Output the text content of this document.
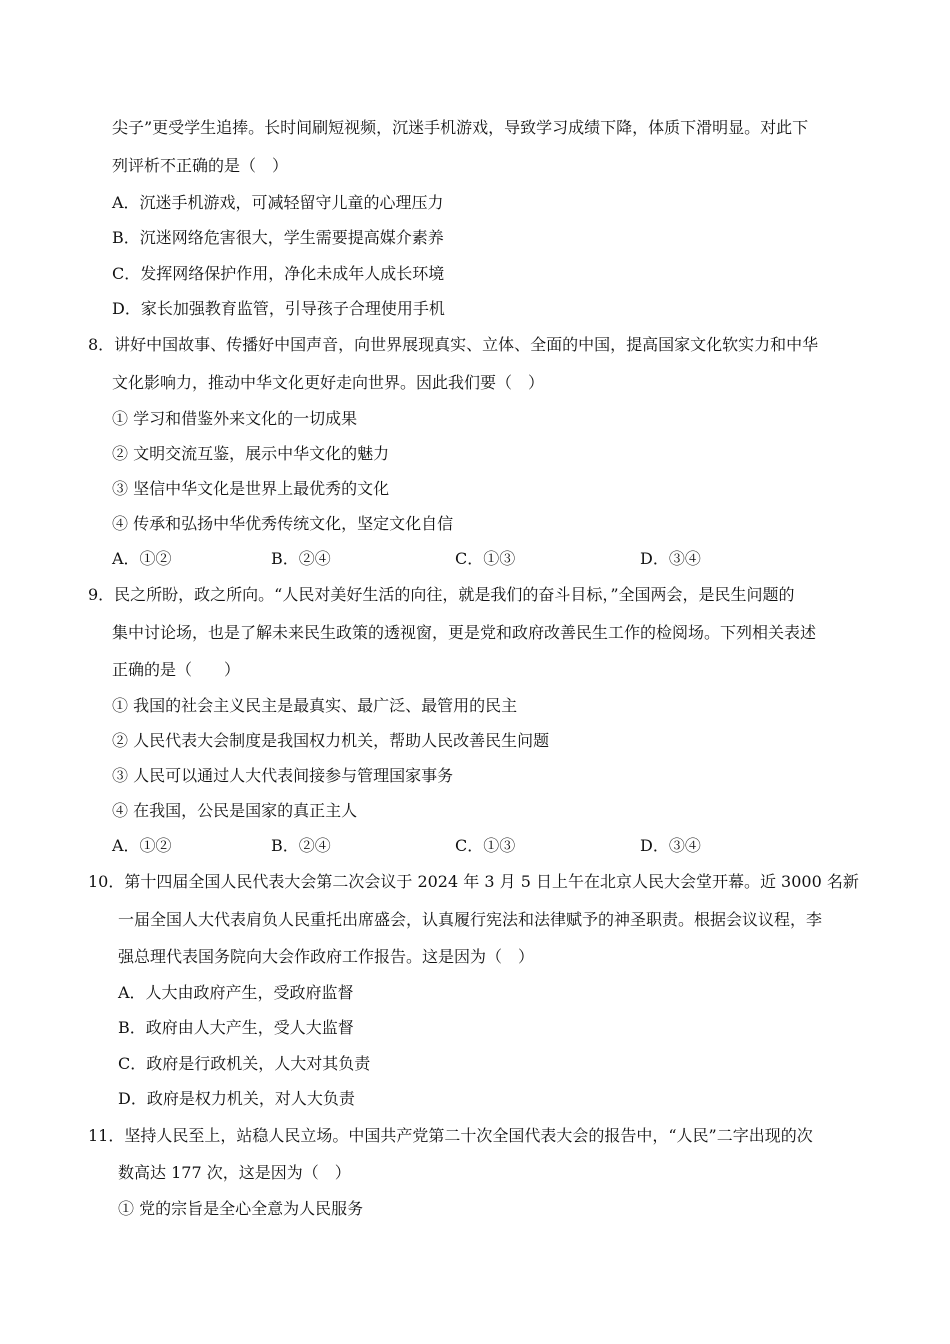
尖子”更受学生追捧。长时间刷短视频，沉迷手机游戏，导致学习成绩下降，体质下滑明显。对此下
列评析不正确的是（　）
A．沉迷手机游戏，可减轻留守儿童的心理压力
B．沉迷网络危害很大，学生需要提高媒介素养
C．发挥网络保护作用，净化未成年人成长环境
D．家长加强教育监管，引导孩子合理使用手机
8．讲好中国故事、传播好中国声音，向世界展现真实、立体、全面的中国，提高国家文化软实力和中华
文化影响力，推动中华文化更好走向世界。因此我们要（　）
① 学习和借鉴外来文化的一切成果
② 文明交流互鉴，展示中华文化的魅力
③ 坚信中华文化是世界上最优秀的文化
④ 传承和弘扬中华优秀传统文化，坚定文化自信
A．①②	B．②④	C．①③	D．③④
9．民之所盼，政之所向。“人民对美好生活的向往，就是我们的奋斗目标，”全国两会，是民生问题的
集中讨论场，也是了解未来民生政策的透视窗，更是党和政府改善民生工作的检阅场。下列相关表述
正确的是（　　）
① 我国的社会主义民主是最真实、最广泛、最管用的民主
② 人民代表大会制度是我国权力机关，帮助人民改善民生问题
③ 人民可以通过人大代表间接参与管理国家事务
④ 在我国，公民是国家的真正主人
A．①②	B．②④	C．①③	D．③④
10．第十四届全国人民代表大会第二次会议于 2024 年 3 月 5 日上午在北京人民大会堂开幕。近 3000 名新
一届全国人大代表肩负人民重托出席盛会，认真履行宪法和法律赋予的神圣职责。根据会议议程，李
强总理代表国务院向大会作政府工作报告。这是因为（　）
A．人大由政府产生，受政府监督
B．政府由人大产生，受人大监督
C．政府是行政机关，人大对其负责
D．政府是权力机关，对人大负责
11．坚持人民至上，站稳人民立场。中国共产党第二十次全国代表大会的报告中，“人民”二字出现的次
数高达 177 次，这是因为（　）
① 党的宗旨是全心全意为人民服务
